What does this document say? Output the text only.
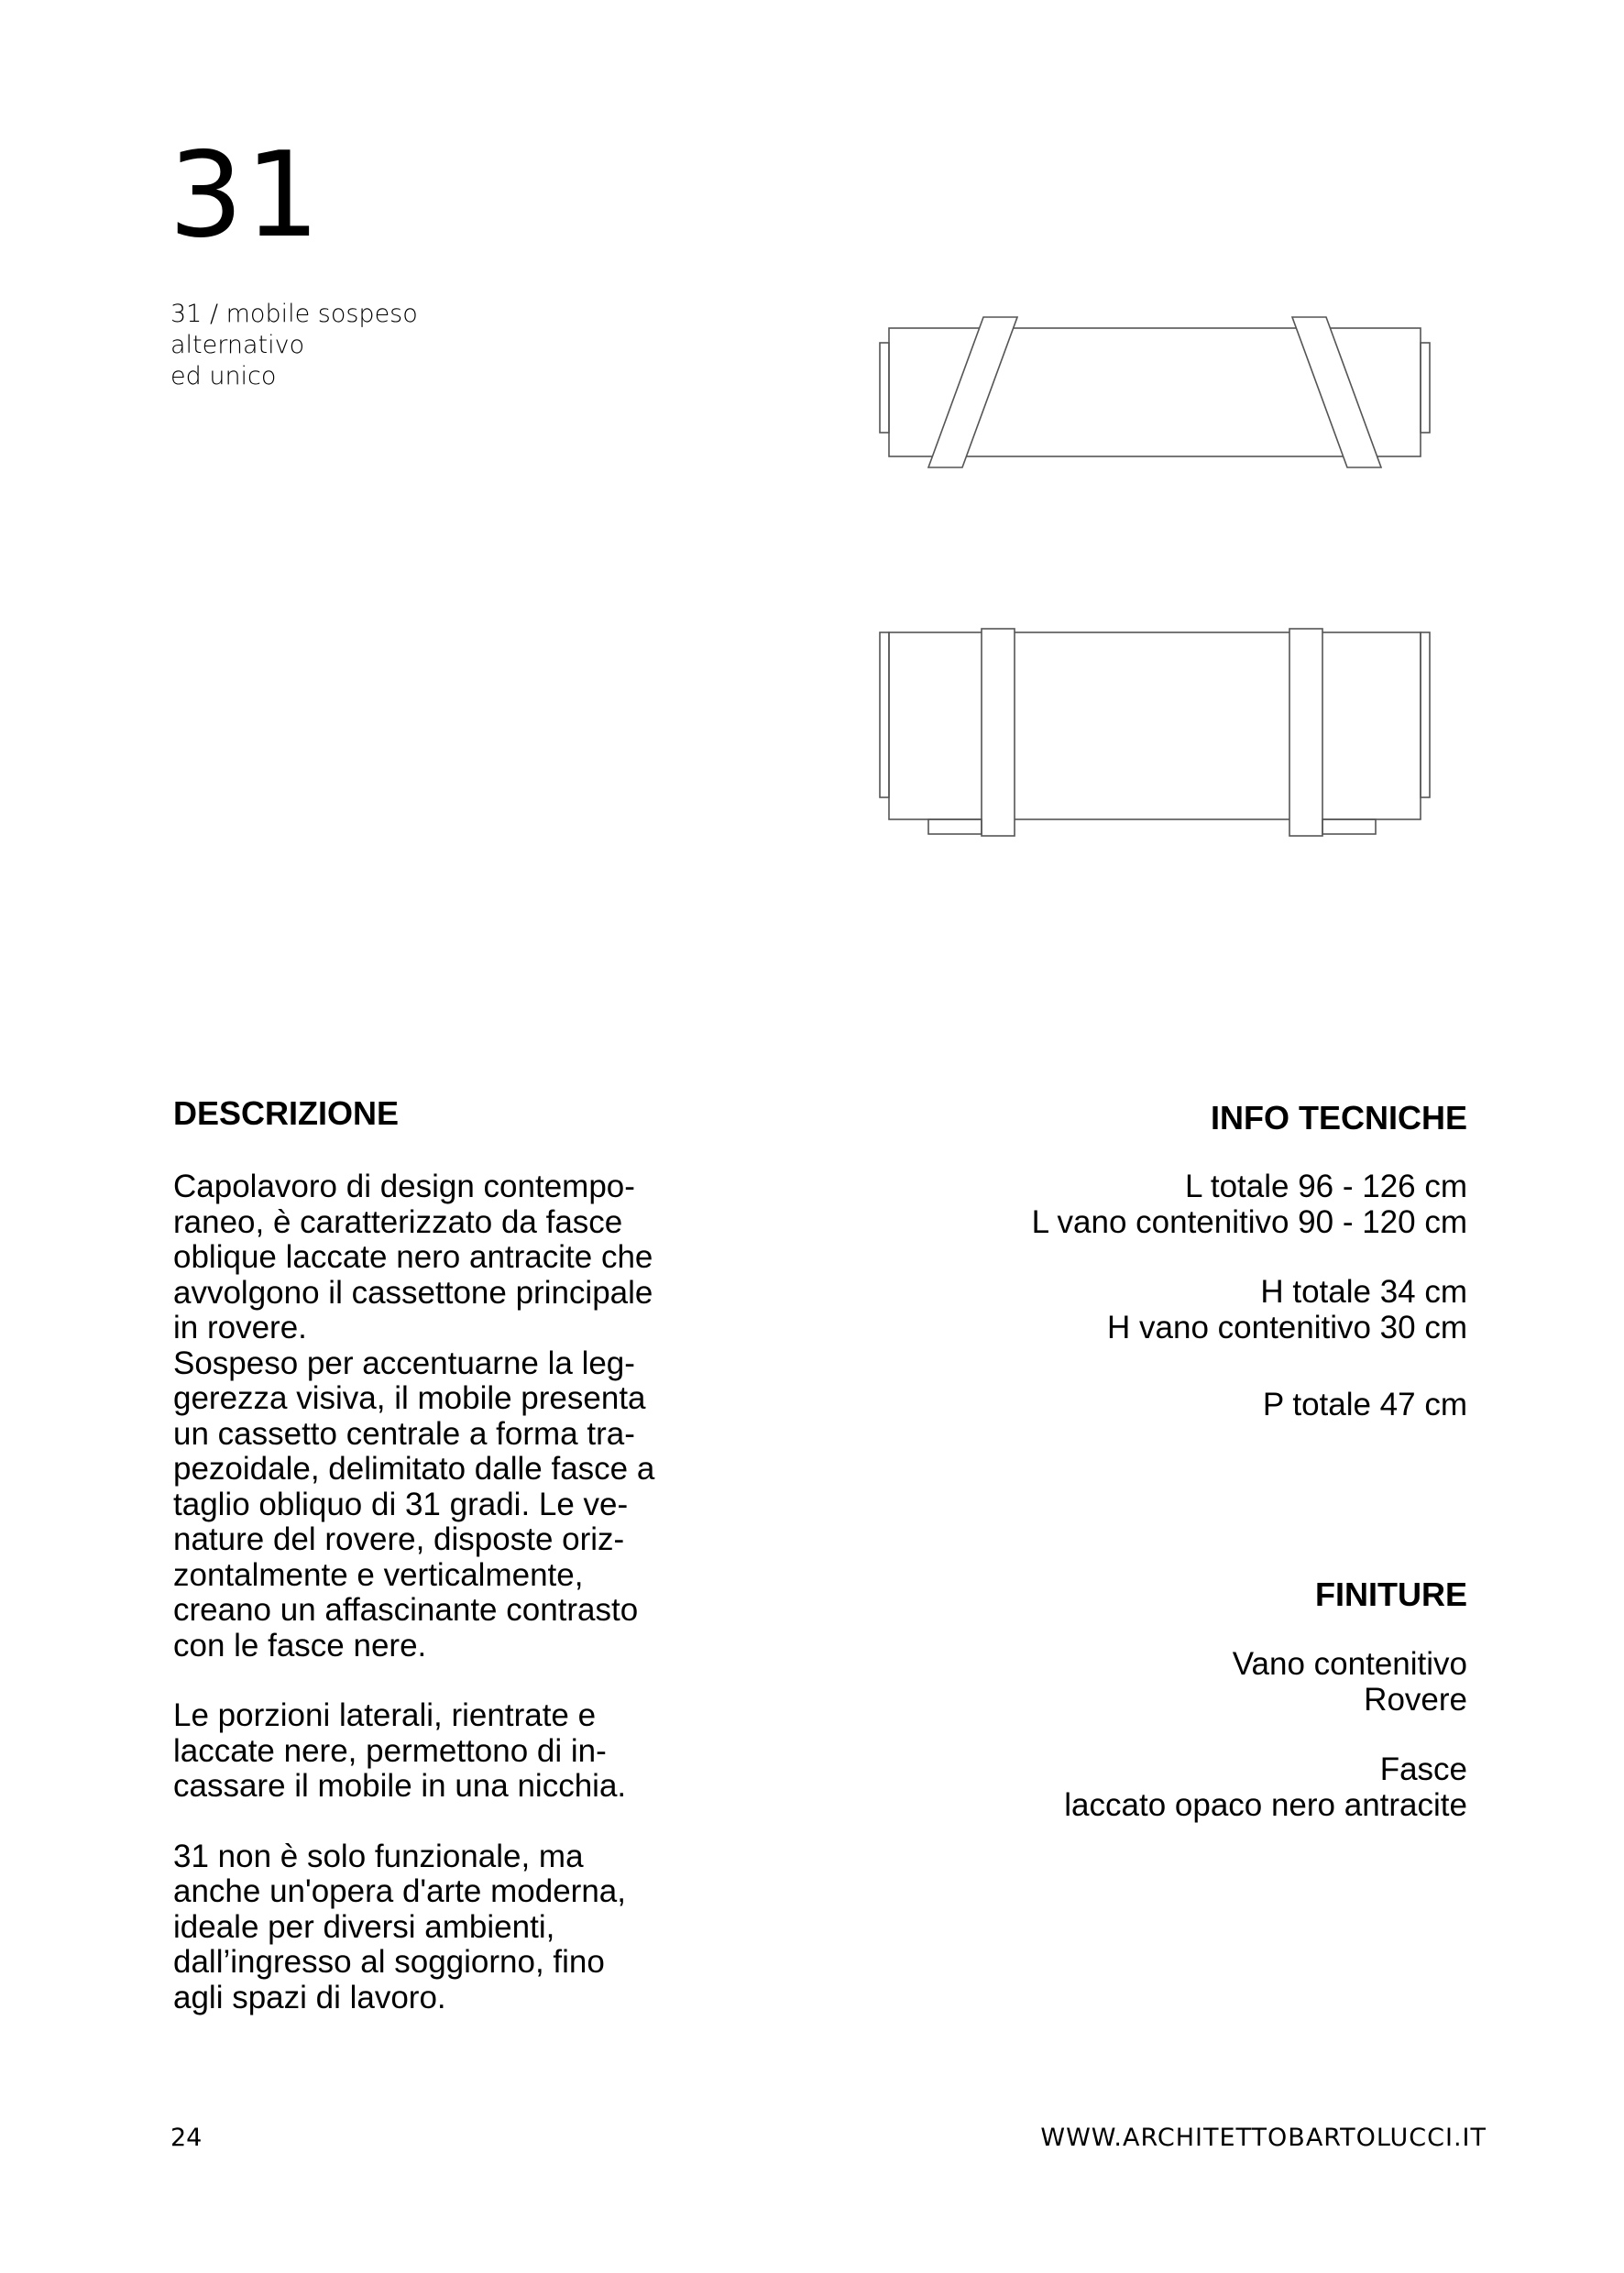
31
31 / mobile sospeso
alternativo
ed unico
DESCRIZIONE

Capolavoro di design contempo-
raneo, è caratterizzato da fasce
oblique laccate nero antracite che
avvolgono il cassettone principale
in rovere.
Sospeso per accentuarne la leg-
gerezza visiva, il mobile presenta
un cassetto centrale a forma tra-
pezoidale, delimitato dalle fasce a
taglio obliquo di 31 gradi. Le ve-
nature del rovere, disposte oriz-
zontalmente e verticalmente,
creano un affascinante contrasto
con le fasce nere.

Le porzioni laterali, rientrate e
laccate nere, permettono di in-
cassare il mobile in una nicchia.

31 non è solo funzionale, ma
anche un'opera d'arte moderna,
ideale per diversi ambienti,
dall’ingresso al soggiorno, fino
agli spazi di lavoro.

INFO TECNICHE
L totale 96 - 126 cm
L vano contenitivo 90 - 120 cm
H totale 34 cm
H vano contenitivo 30 cm
P totale 47 cm
FINITURE
Vano contenitivo
Rovere
Fasce
laccato opaco nero antracite
24	WWW.ARCHITETTOBARTOLUCCI.IT
